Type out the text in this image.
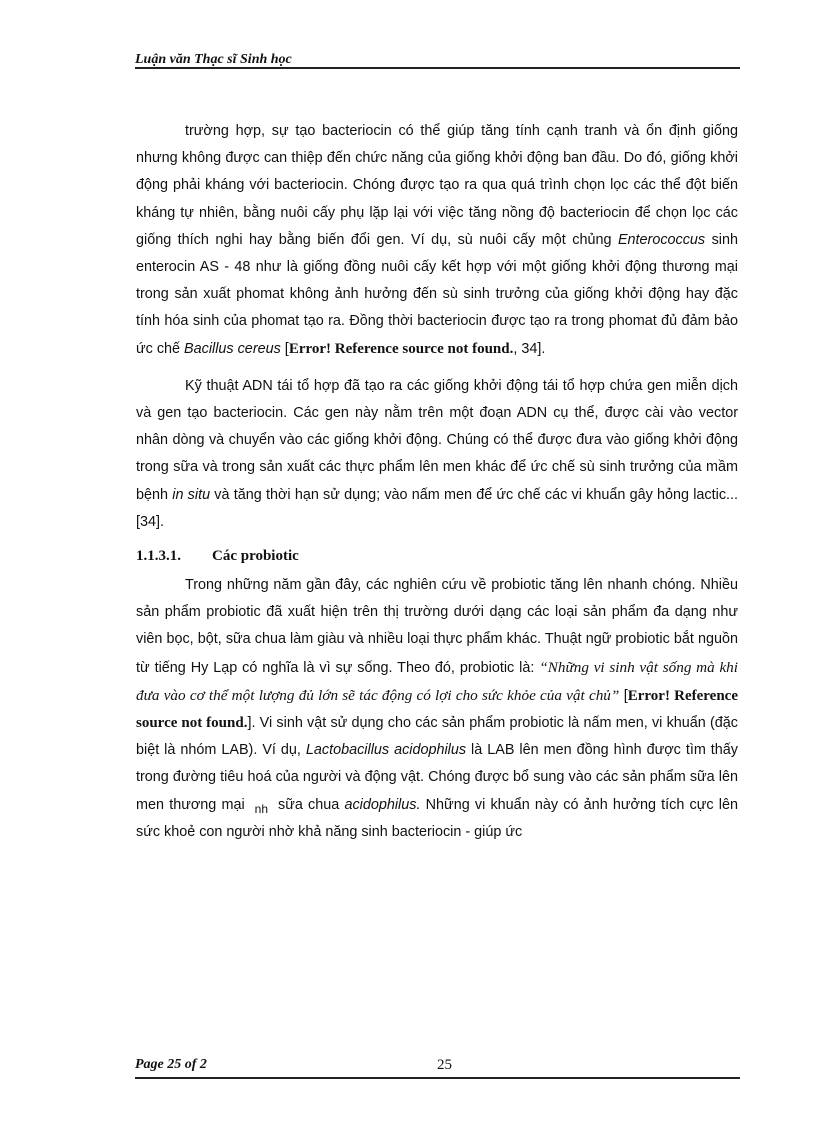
Luận văn Thạc sĩ Sinh học

trường hợp, sự tạo bacteriocin có thể giúp tăng tính cạnh tranh và ổn định giống nhưng không được can thiệp đến chức năng của giống khởi động ban đầu. Do đó, giống khởi động phải kháng với bacteriocin. Chóng được tạo ra qua quá trình chọn lọc các thể đột biến kháng tự nhiên, bằng nuôi cấy phụ lặp lại với việc tăng nồng độ bacteriocin để chọn lọc các giống thích nghi hay bằng biến đổi gen. Ví dụ, sù nuôi cấy một chủng Enterococcus sinh enterocin AS - 48 như là giống đồng nuôi cấy kết hợp với một giống khởi động thương mại trong sản xuất phomat không ảnh hưởng đến sù sinh trưởng của giống khởi động hay đặc tính hóa sinh của phomat tạo ra. Đồng thời bacteriocin được tạo ra trong phomat đủ đảm bảo ức chế Bacillus cereus [Error! Reference source not found., 34].

Kỹ thuật ADN tái tổ hợp đã tạo ra các giống khởi động tái tổ hợp chứa gen miễn dịch và gen tạo bacteriocin. Các gen này nằm trên một đoạn ADN cụ thể, được cài vào vector nhân dòng và chuyển vào các giống khởi động. Chúng có thể được đưa vào giống khởi động trong sữa và trong sản xuất các thực phẩm lên men khác để ức chế sù sinh trưởng của mầm bệnh in situ và tăng thời hạn sử dụng; vào nấm men để ức chế các vi khuẩn gây hỏng lactic... [34].

1.1.3.1. Các probiotic

Trong những năm gần đây, các nghiên cứu về probiotic tăng lên nhanh chóng. Nhiều sản phẩm probiotic đã xuất hiện trên thị trường dưới dạng các loại sản phẩm đa dạng như viên bọc, bột, sữa chua làm giàu và nhiều loại thực phẩm khác. Thuật ngữ probiotic bắt nguồn từ tiếng Hy Lạp có nghĩa là vì sự sống. Theo đó, probiotic là: “Những vi sinh vật sống mà khi đưa vào cơ thể một lượng đủ lớn sẽ tác động có lợi cho sức khỏe của vật chủ” [Error! Reference source not found.]. Vi sinh vật sử dụng cho các sản phẩm probiotic là nấm men, vi khuẩn (đặc biệt là nhóm LAB). Ví dụ, Lactobacillus acidophilus là LAB lên men đồng hình được tìm thấy trong đường tiêu hoá của người và động vật. Chóng được bổ sung vào các sản phẩm sữa lên men thương mại $_{nh}$ sữa chua acidophilus. Những vi khuẩn này có ảnh hưởng tích cực lên sức khoẻ con người nhờ khả năng sinh bacteriocin - giúp ức

Page 25 of 2	25
